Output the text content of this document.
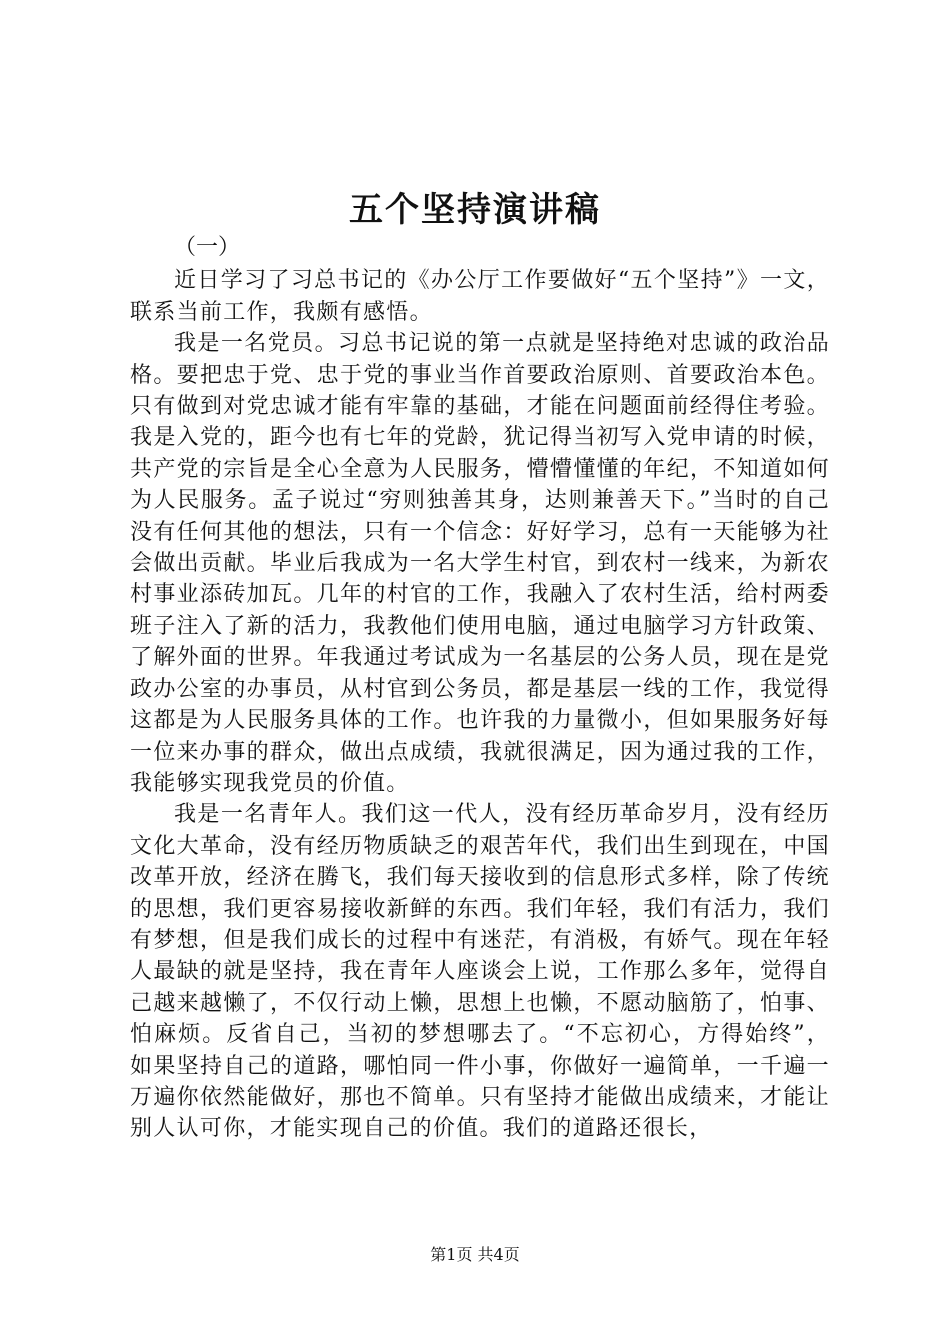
五个坚持演讲稿

（一）

近日学习了习总书记的《办公厅工作要做好“五个坚持”》一文，联系当前工作，我颇有感悟。

我是一名党员。习总书记说的第一点就是坚持绝对忠诚的政治品格。要把忠于党、忠于党的事业当作首要政治原则、首要政治本色。只有做到对党忠诚才能有牢靠的基础，才能在问题面前经得住考验。我是入党的，距今也有七年的党龄，犹记得当初写入党申请的时候，共产党的宗旨是全心全意为人民服务，懵懵懂懂的年纪，不知道如何为人民服务。孟子说过“穷则独善其身，达则兼善天下。”当时的自己没有任何其他的想法，只有一个信念：好好学习，总有一天能够为社会做出贡献。毕业后我成为一名大学生村官，到农村一线来，为新农村事业添砖加瓦。几年的村官的工作，我融入了农村生活，给村两委班子注入了新的活力，我教他们使用电脑，通过电脑学习方针政策、了解外面的世界。年我通过考试成为一名基层的公务人员，现在是党政办公室的办事员，从村官到公务员，都是基层一线的工作，我觉得这都是为人民服务具体的工作。也许我的力量微小，但如果服务好每一位来办事的群众，做出点成绩，我就很满足，因为通过我的工作，我能够实现我党员的价值。

我是一名青年人。我们这一代人，没有经历革命岁月，没有经历文化大革命，没有经历物质缺乏的艰苦年代，我们出生到现在，中国改革开放，经济在腾飞，我们每天接收到的信息形式多样，除了传统的思想，我们更容易接收新鲜的东西。我们年轻，我们有活力，我们有梦想，但是我们成长的过程中有迷茫，有消极，有娇气。现在年轻人最缺的就是坚持，我在青年人座谈会上说，工作那么多年，觉得自己越来越懒了，不仅行动上懒，思想上也懒，不愿动脑筋了，怕事、怕麻烦。反省自己，当初的梦想哪去了。“不忘初心，方得始终”，如果坚持自己的道路，哪怕同一件小事，你做好一遍简单，一千遍一万遍你依然能做好，那也不简单。只有坚持才能做出成绩来，才能让别人认可你，才能实现自己的价值。我们的道路还很长，

第1页 共4页
